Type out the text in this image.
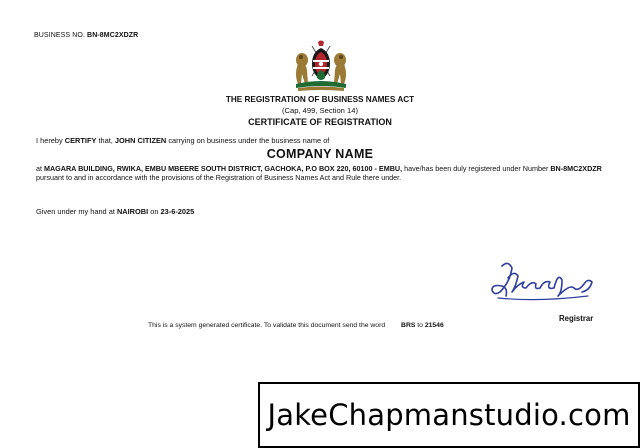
BUSINESS NO. BN-8MC2XDZR
THE REGISTRATION OF BUSINESS NAMES ACT
(Cap, 499, Section 14)
CERTIFICATE OF REGISTRATION
I hereby CERTIFY that, JOHN CITIZEN carrying on business under the business name of
COMPANY NAME
at MAGARA BUILDING, RWIKA, EMBU MBEERE SOUTH DISTRICT, GACHOKA, P.O BOX 220, 60100 - EMBU, have/has been duly registered under Number BN-8MC2XDZR pursuant to and in accordance with the provisions of the Registration of Business Names Act and Rule there under.
Given under my hand at NAIROBI on 23-6-2025
Registrar
This is a system generated certificate. To validate this document send the word BRS to 21546
JakeChapmanstudio.com
